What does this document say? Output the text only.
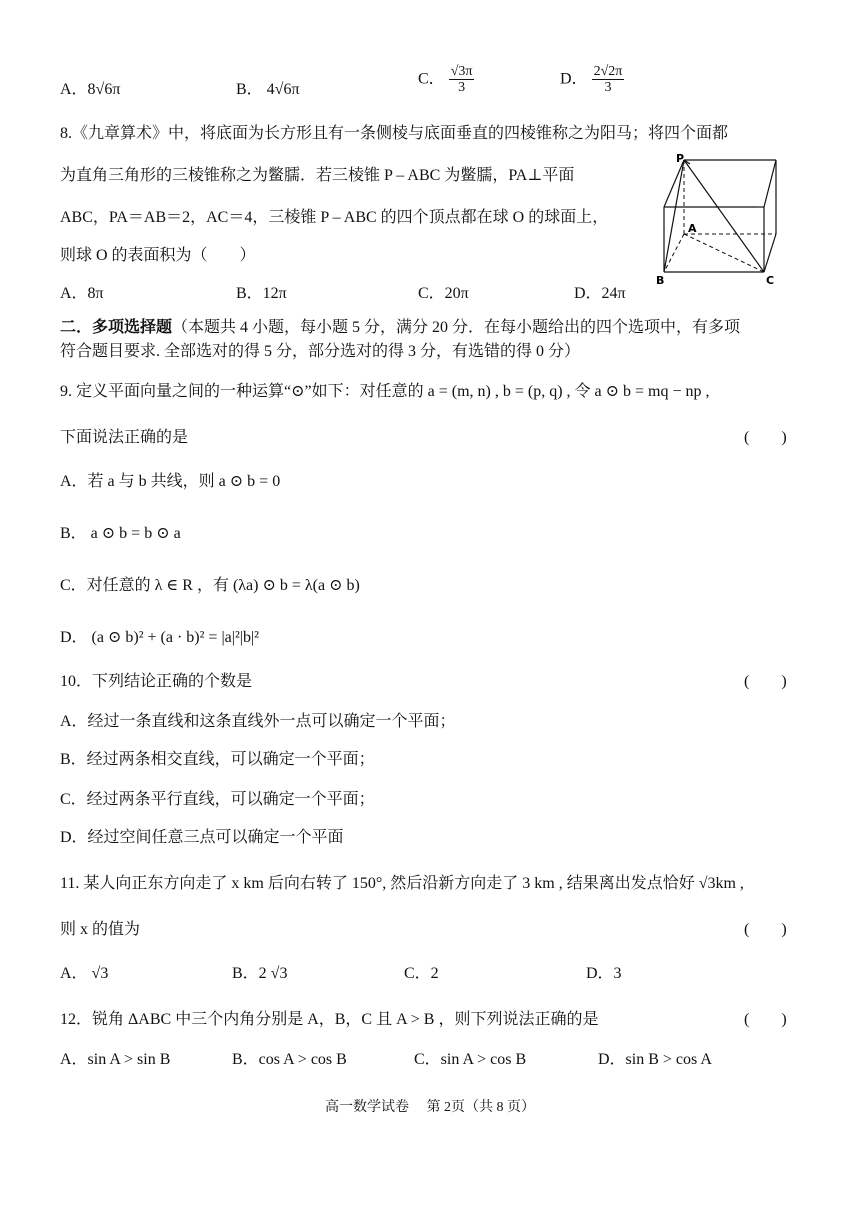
A．8√6π	B． 4√6π
C． $\frac{√3\pi}{3}$	D． $\frac{2√2\pi}{3}$
8.《九章算术》中，将底面为长方形且有一条侧棱与底面垂直的四棱锥称之为阳马；将四个面都
为直角三角形的三棱锥称之为鳖臑．若三棱锥 P – ABC 为鳖臑，PA⊥平面
ABC，PA＝AB＝2，AC＝4，三棱锥 P – ABC 的四个顶点都在球 O 的球面上，
则球 O 的表面积为（　　）
P
A
B	C
A．8π	B．12π	C．20π	D．24π
二．多项选择题（本题共 4 小题，每小题 5 分，满分 20 分．在每小题给出的四个选项中，有多项
符合题目要求. 全部选对的得 5 分，部分选对的得 3 分，有选错的得 0 分）
9. 定义平面向量之间的一种运算“⊙”如下：对任意的 a = (m, n) , b = (p, q) , 令 a ⊙ b = mq − np ,
下面说法正确的是	(　　)
A．若 a 与 b 共线，则 a ⊙ b = 0
B． a ⊙ b = b ⊙ a
C．对任意的 λ ∈ R ，有 (λa) ⊙ b = λ(a ⊙ b)
D． (a ⊙ b)² + (a · b)² = |a|²|b|²
10．下列结论正确的个数是	(　　)
A．经过一条直线和这条直线外一点可以确定一个平面；
B．经过两条相交直线，可以确定一个平面；
C．经过两条平行直线，可以确定一个平面；
D．经过空间任意三点可以确定一个平面
11. 某人向正东方向走了 x km 后向右转了 150°, 然后沿新方向走了 3 km , 结果离出发点恰好 √3km ,
则 x 的值为	(　　)
A． √3	B．2 √3	C．2	D．3
12．锐角 ΔABC 中三个内角分别是 A，B，C 且 A > B ，则下列说法正确的是	(　　)
A．sin A > sin B	B．cos A > cos B	C．sin A > cos B	D．sin B > cos A
高一数学试卷　 第 2页（共 8 页）
